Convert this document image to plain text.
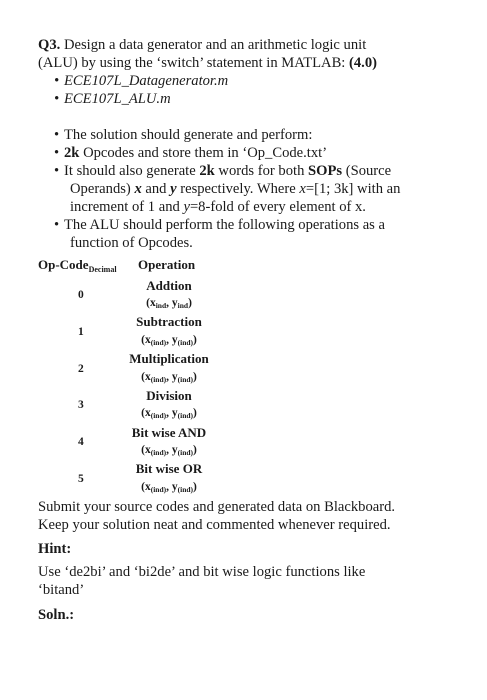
Q3. Design a data generator and an arithmetic logic unit
(ALU) by using the ‘switch’ statement in MATLAB: (4.0)
• ECE107L_Datagenerator.m
• ECE107L_ALU.m
• The solution should generate and perform:
• 2k Opcodes and store them in ‘Op_Code.txt’
• It should also generate 2k words for both SOPs (Source
Operands) x and y respectively. Where x=[1; 3k] with an
increment of 1 and y=8-fold of every element of x.
• The ALU should perform the following operations as a
function of Opcodes.
Op-Code$_{Decimal}$ Operation
0
Addtion
($x_{ind}$, $y_{ind}$)
1
Subtraction
($x_{(ind)}$, $y_{(ind)}$)
2
Multiplication
($x_{(ind)}$, $y_{(ind)}$)
3
Division
($x_{(ind)}$, $y_{(ind)}$)
4
Bit wise AND
($x_{(ind)}$, $y_{(ind)}$)
5
Bit wise OR
($x_{(ind)}$, $y_{(ind)}$)
Submit your source codes and generated data on Blackboard.
Keep your solution neat and commented whenever required.
Hint:
Use ‘de2bi’ and ‘bi2de’ and bit wise logic functions like
‘bitand’
Soln.:
